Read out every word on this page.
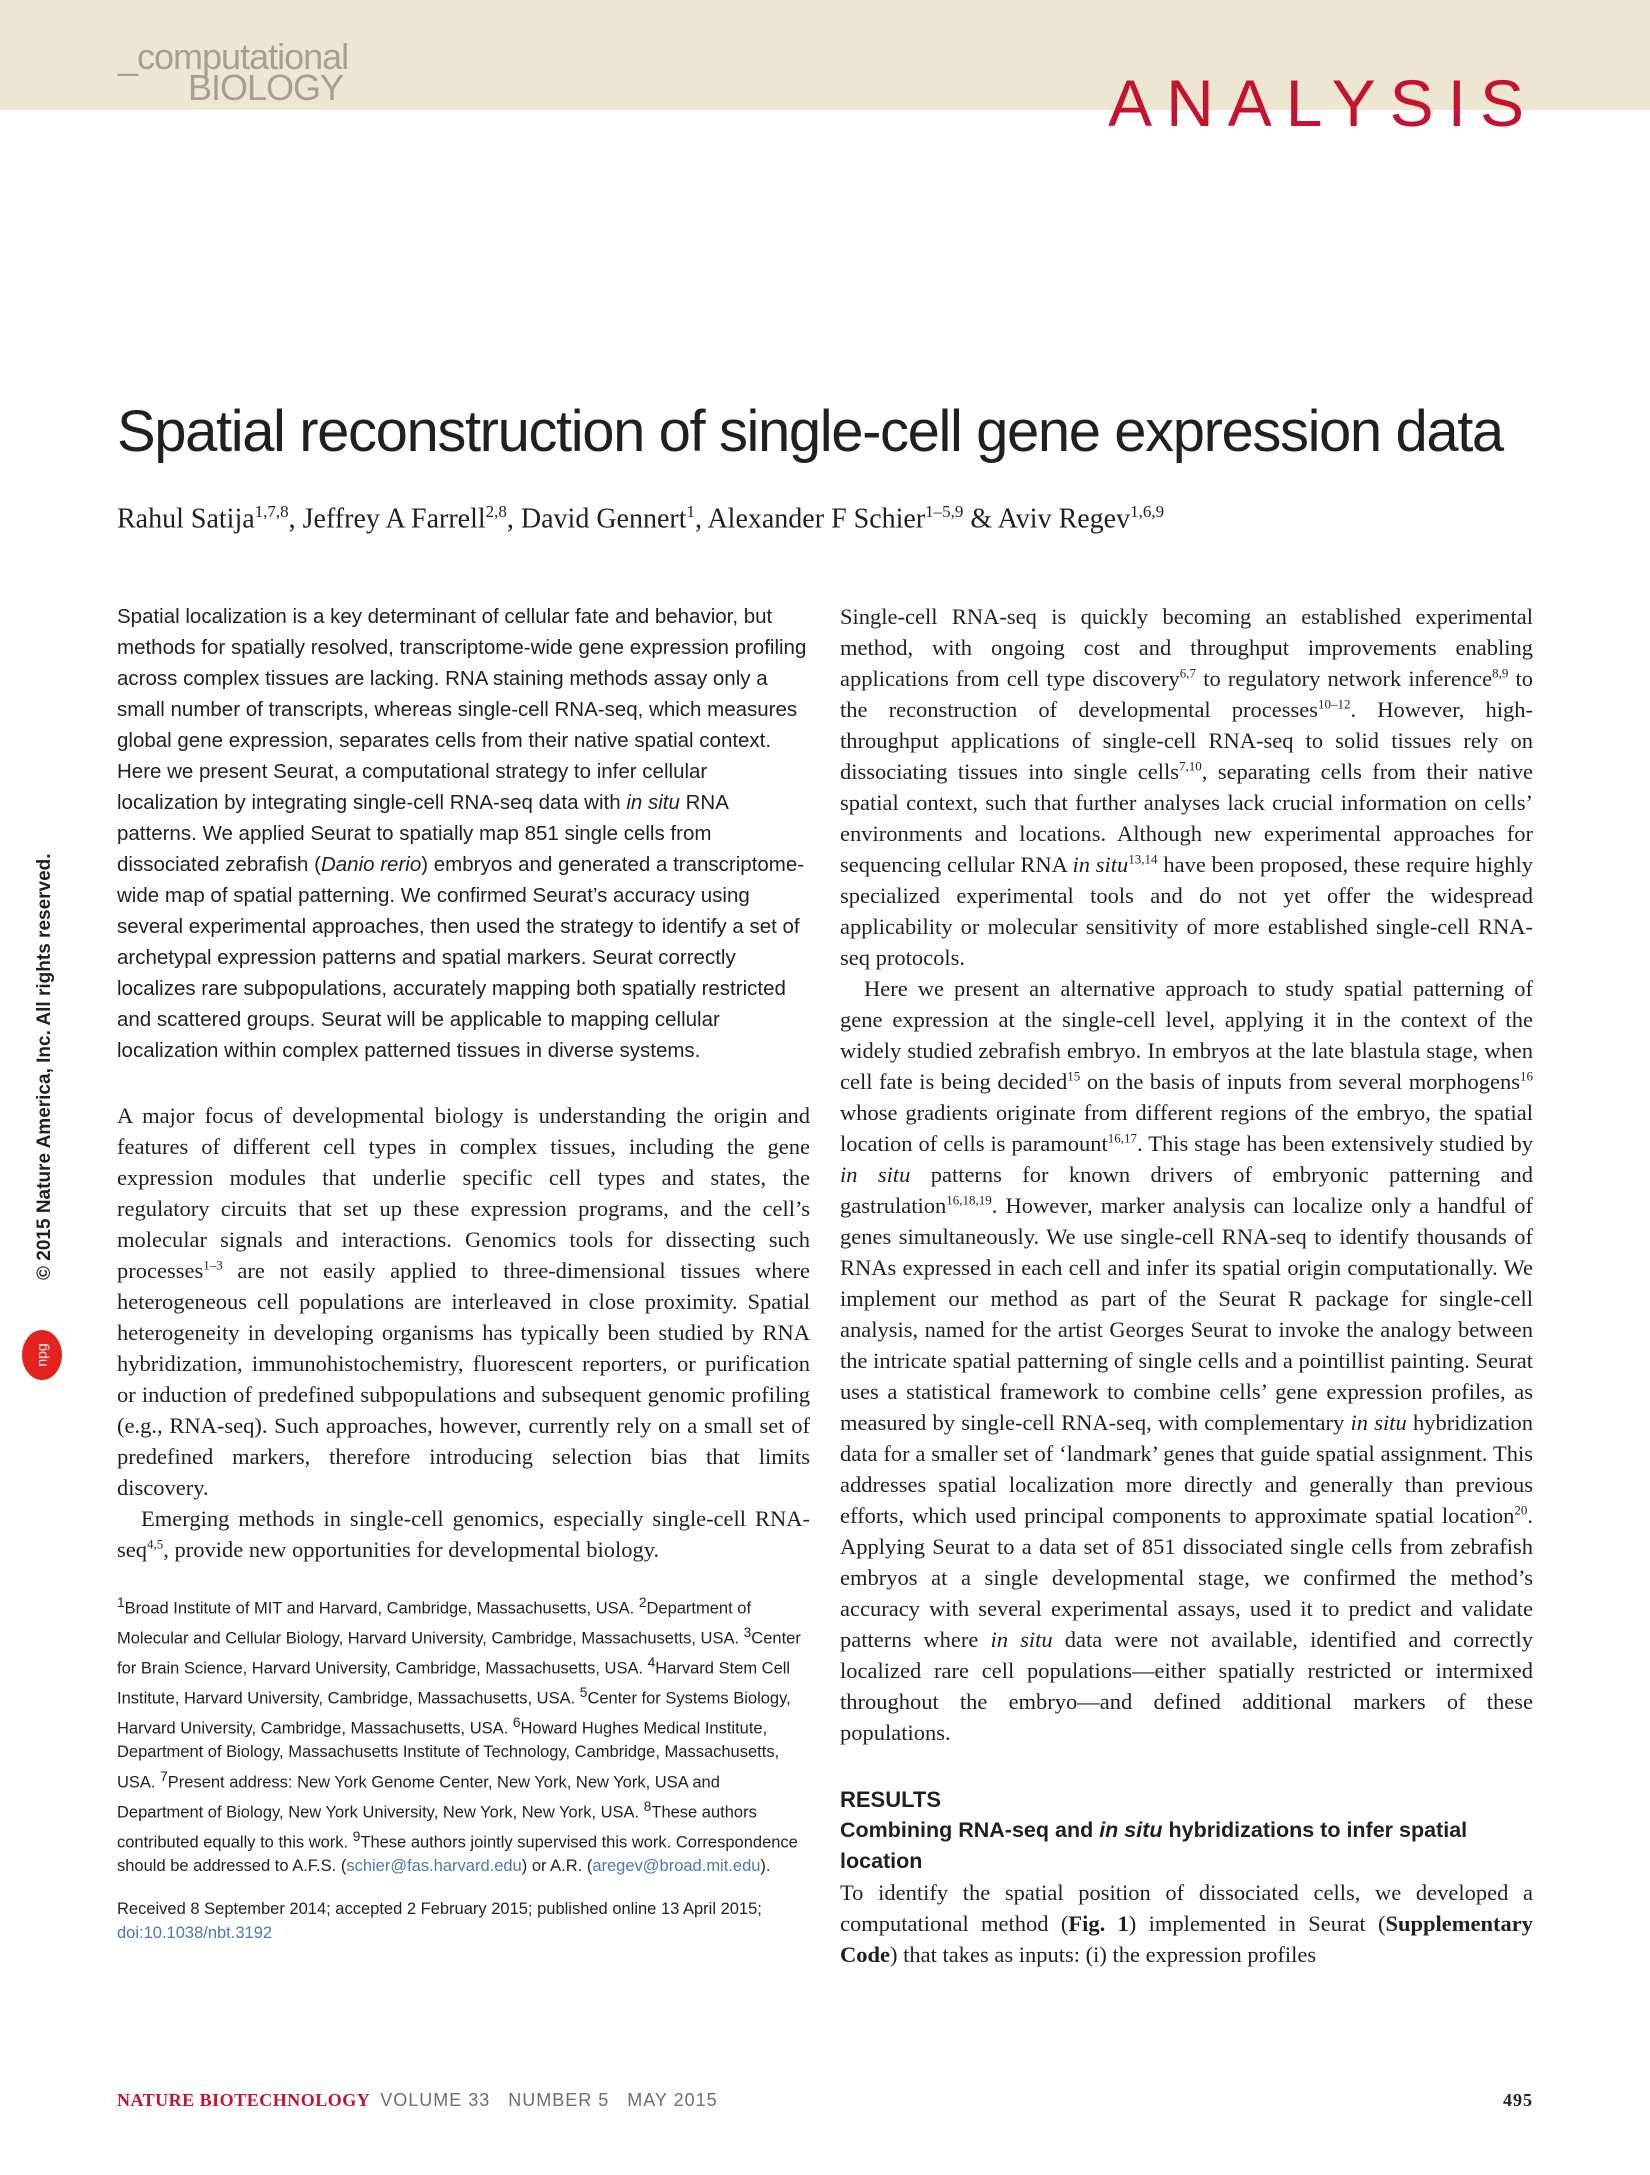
_computational
BIOLOGY	ANALYSIS
Spatial reconstruction of single-cell gene expression data
Rahul Satija$^{1,7,8}$, Jeffrey A Farrell$^{2,8}$, David Gennert$^1$, Alexander F Schier$^{1-5,9}$ & Aviv Regev$^{1,6,9}$
© 2015 Nature America, Inc. All rights reserved.
npg

Spatial localization is a key determinant of cellular fate and behavior, but methods for spatially resolved, transcriptome-wide gene expression profiling across complex tissues are lacking. RNA staining methods assay only a small number of transcripts, whereas single-cell RNA-seq, which measures global gene expression, separates cells from their native spatial context. Here we present Seurat, a computational strategy to infer cellular localization by integrating single-cell RNA-seq data with in situ RNA patterns. We applied Seurat to spatially map 851 single cells from dissociated zebrafish (Danio rerio) embryos and generated a transcriptome-wide map of spatial patterning. We confirmed Seurat’s accuracy using several experimental approaches, then used the strategy to identify a set of archetypal expression patterns and spatial markers. Seurat correctly localizes rare subpopulations, accurately mapping both spatially restricted and scattered groups. Seurat will be applicable to mapping cellular localization within complex patterned tissues in diverse systems.

A major focus of developmental biology is understanding the origin and features of different cell types in complex tissues, including the gene expression modules that underlie specific cell types and states, the regulatory circuits that set up these expression programs, and the cell’s molecular signals and interactions. Genomics tools for dissecting such processes$^{1-3}$ are not easily applied to three-dimensional tissues where heterogeneous cell populations are interleaved in close proximity. Spatial heterogeneity in developing organisms has typically been studied by RNA hybridization, immunohistochemistry, fluorescent reporters, or purification or induction of predefined subpopulations and subsequent genomic profiling (e.g., RNA-seq). Such approaches, however, currently rely on a small set of predefined markers, therefore introducing selection bias that limits discovery.

Emerging methods in single-cell genomics, especially single-cell RNA-seq$^{4,5}$, provide new opportunities for developmental biology.

$^1$Broad Institute of MIT and Harvard, Cambridge, Massachusetts, USA. $^2$Department of Molecular and Cellular Biology, Harvard University, Cambridge, Massachusetts, USA. $^3$Center for Brain Science, Harvard University, Cambridge, Massachusetts, USA. $^4$Harvard Stem Cell Institute, Harvard University, Cambridge, Massachusetts, USA. $^5$Center for Systems Biology, Harvard University, Cambridge, Massachusetts, USA. $^6$Howard Hughes Medical Institute, Department of Biology, Massachusetts Institute of Technology, Cambridge, Massachusetts, USA. $^7$Present address: New York Genome Center, New York, New York, USA and Department of Biology, New York University, New York, New York, USA. $^8$These authors contributed equally to this work. $^9$These authors jointly supervised this work. Correspondence should be addressed to A.F.S. (schier@fas.harvard.edu) or A.R. (aregev@broad.mit.edu).
Received 8 September 2014; accepted 2 February 2015; published online 13 April 2015; doi:10.1038/nbt.3192

Single-cell RNA-seq is quickly becoming an established experimental method, with ongoing cost and throughput improvements enabling applications from cell type discovery$^{6,7}$ to regulatory network inference$^{8,9}$ to the reconstruction of developmental processes$^{10-12}$. However, high-throughput applications of single-cell RNA-seq to solid tissues rely on dissociating tissues into single cells$^{7,10}$, separating cells from their native spatial context, such that further analyses lack crucial information on cells’ environments and locations. Although new experimental approaches for sequencing cellular RNA in situ$^{13,14}$ have been proposed, these require highly specialized experimental tools and do not yet offer the widespread applicability or molecular sensitivity of more established single-cell RNA-seq protocols.

Here we present an alternative approach to study spatial patterning of gene expression at the single-cell level, applying it in the context of the widely studied zebrafish embryo. In embryos at the late blastula stage, when cell fate is being decided$^{15}$ on the basis of inputs from several morphogens$^{16}$ whose gradients originate from different regions of the embryo, the spatial location of cells is paramount$^{16,17}$. This stage has been extensively studied by in situ patterns for known drivers of embryonic patterning and gastrulation$^{16,18,19}$. However, marker analysis can localize only a handful of genes simultaneously. We use single-cell RNA-seq to identify thousands of RNAs expressed in each cell and infer its spatial origin computationally. We implement our method as part of the Seurat R package for single-cell analysis, named for the artist Georges Seurat to invoke the analogy between the intricate spatial patterning of single cells and a pointillist painting. Seurat uses a statistical framework to combine cells’ gene expression profiles, as measured by single-cell RNA-seq, with complementary in situ hybridization data for a smaller set of ‘landmark’ genes that guide spatial assignment. This addresses spatial localization more directly and generally than previous efforts, which used principal components to approximate spatial location$^{20}$. Applying Seurat to a data set of 851 dissociated single cells from zebrafish embryos at a single developmental stage, we confirmed the method’s accuracy with several experimental assays, used it to predict and validate patterns where in situ data were not available, identified and correctly localized rare cell populations—either spatially restricted or intermixed throughout the embryo—and defined additional markers of these populations.

RESULTS
Combining RNA-seq and in situ hybridizations to infer spatial location

To identify the spatial position of dissociated cells, we developed a computational method (Fig. 1) implemented in Seurat (Supplementary Code) that takes as inputs: (i) the expression profiles

NATURE BIOTECHNOLOGY VOLUME 33   NUMBER 5   MAY 2015	495
